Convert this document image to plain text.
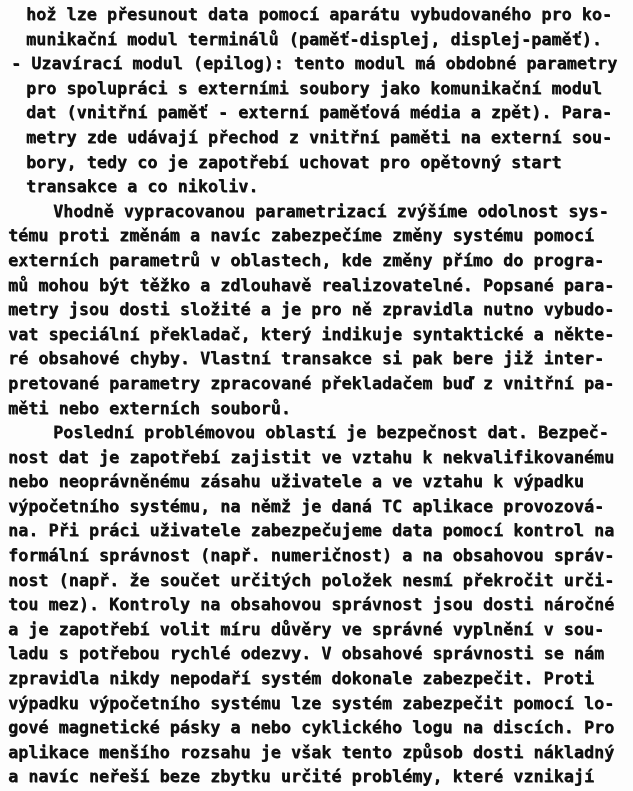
hož lze přesunout data pomocí aparátu vybudovaného pro ko-
munikační modul terminálů (paměť-displej, displej-paměť).
- Uzavírací modul (epilog): tento modul má obdobné parametry
pro spolupráci s externími soubory jako komunikační modul
dat (vnitřní paměť - externí paměťová média a zpět). Para-
metry zde udávají přechod z vnitřní paměti na externí sou-
bory, tedy co je zapotřebí uchovat pro opětovný start
transakce a co nikoliv.
Vhodně vypracovanou parametrizací zvýšíme odolnost sys-
tému proti změnám a navíc zabezpečíme změny systému pomocí
externích parametrů v oblastech, kde změny přímo do progra-
mů mohou být těžko a zdlouhavě realizovatelné. Popsané para-
metry jsou dosti složité a je pro ně zpravidla nutno vybudo-
vat speciální překladač, který indikuje syntaktické a někte-
ré obsahové chyby. Vlastní transakce si pak bere již inter-
pretované parametry zpracované překladačem buď z vnitřní pa-
měti nebo externích souborů.
Poslední problémovou oblastí je bezpečnost dat. Bezpeč-
nost dat je zapotřebí zajistit ve vztahu k nekvalifikovanému
nebo neoprávněnému zásahu uživatele a ve vztahu k výpadku
výpočetního systému, na němž je daná TC aplikace provozová-
na. Při práci uživatele zabezpečujeme data pomocí kontrol na
formální správnost (např. numeričnost) a na obsahovou správ-
nost (např. že součet určitých položek nesmí překročit urči-
tou mez). Kontroly na obsahovou správnost jsou dosti náročné
a je zapotřebí volit míru důvěry ve správné vyplnění v sou-
ladu s potřebou rychlé odezvy. V obsahové správnosti se nám
zpravidla nikdy nepodaří systém dokonale zabezpečit. Proti
výpadku výpočetního systému lze systém zabezpečit pomocí lo-
gové magnetické pásky a nebo cyklického logu na discích. Pro
aplikace menšího rozsahu je však tento způsob dosti nákladný
a navíc neřeší beze zbytku určité problémy, které vznikají
